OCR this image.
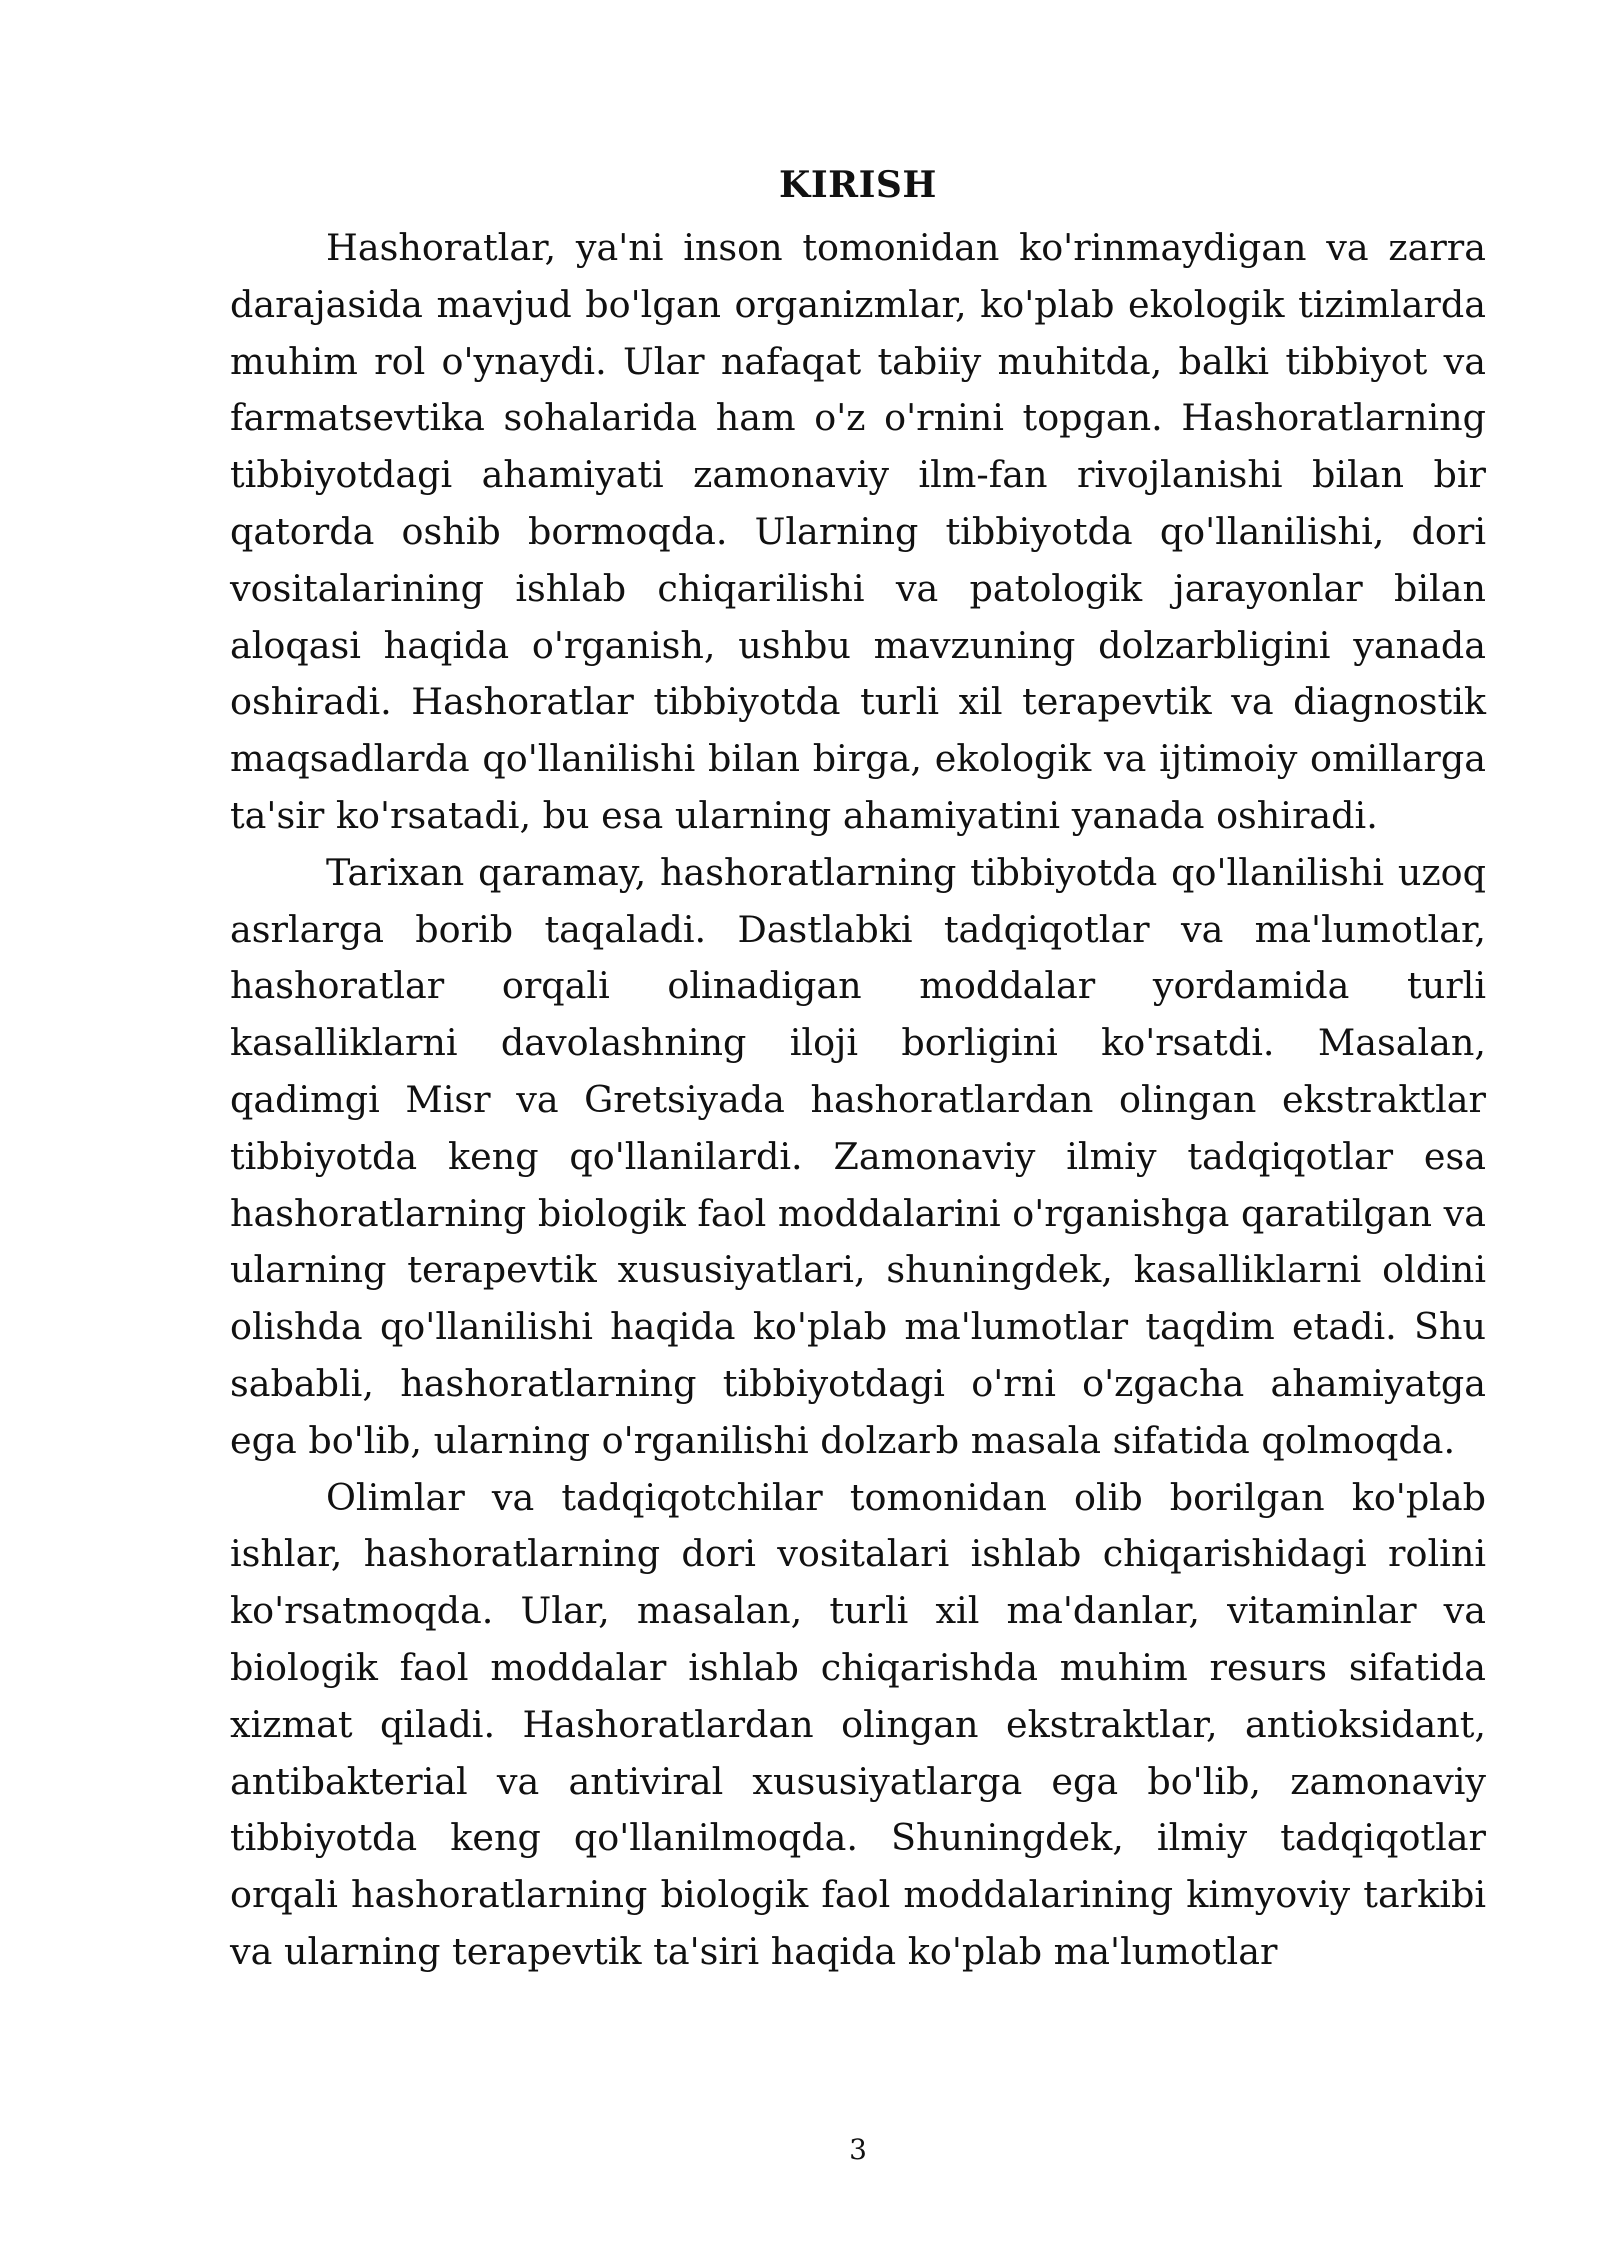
KIRISH

Hashoratlar, ya'ni inson tomonidan ko'rinmaydigan va zarra darajasida mavjud bo'lgan organizmlar, ko'plab ekologik tizimlarda muhim rol o'ynaydi. Ular nafaqat tabiiy muhitda, balki tibbiyot va farmatsevtika sohalarida ham o'z o'rnini topgan. Hashoratlarning tibbiyotdagi ahamiyati zamonaviy ilm-fan rivojlanishi bilan bir qatorda oshib bormoqda. Ularning tibbiyotda qo'llanilishi, dori vositalarining ishlab chiqarilishi va patologik jarayonlar bilan aloqasi haqida o'rganish, ushbu mavzuning dolzarbligini yanada oshiradi. Hashoratlar tibbiyotda turli xil terapevtik va diagnostik maqsadlarda qo'llanilishi bilan birga, ekologik va ijtimoiy omillarga ta'sir ko'rsatadi, bu esa ularning ahamiyatini yanada oshiradi.

Tarixan qaramay, hashoratlarning tibbiyotda qo'llanilishi uzoq asrlarga borib taqaladi. Dastlabki tadqiqotlar va ma'lumotlar, hashoratlar orqali olinadigan moddalar yordamida turli kasalliklarni davolashning iloji borligini ko'rsatdi. Masalan, qadimgi Misr va Gretsiyada hashoratlardan olingan ekstraktlar tibbiyotda keng qo'llanilardi. Zamonaviy ilmiy tadqiqotlar esa hashoratlarning biologik faol moddalarini o'rganishga qaratilgan va ularning terapevtik xususiyatlari, shuningdek, kasalliklarni oldini olishda qo'llanilishi haqida ko'plab ma'lumotlar taqdim etadi. Shu sababli, hashoratlarning tibbiyotdagi o'rni o'zgacha ahamiyatga ega bo'lib, ularning o'rganilishi dolzarb masala sifatida qolmoqda.

Olimlar va tadqiqotchilar tomonidan olib borilgan ko'plab ishlar, hashoratlarning dori vositalari ishlab chiqarishidagi rolini ko'rsatmoqda. Ular, masalan, turli xil ma'danlar, vitaminlar va biologik faol moddalar ishlab chiqarishda muhim resurs sifatida xizmat qiladi. Hashoratlardan olingan ekstraktlar, antioksidant, antibakterial va antiviral xususiyatlarga ega bo'lib, zamonaviy tibbiyotda keng qo'llanilmoqda. Shuningdek, ilmiy tadqiqotlar orqali hashoratlarning biologik faol moddalarining kimyoviy tarkibi va ularning terapevtik ta'siri haqida ko'plab ma'lumotlar

3
